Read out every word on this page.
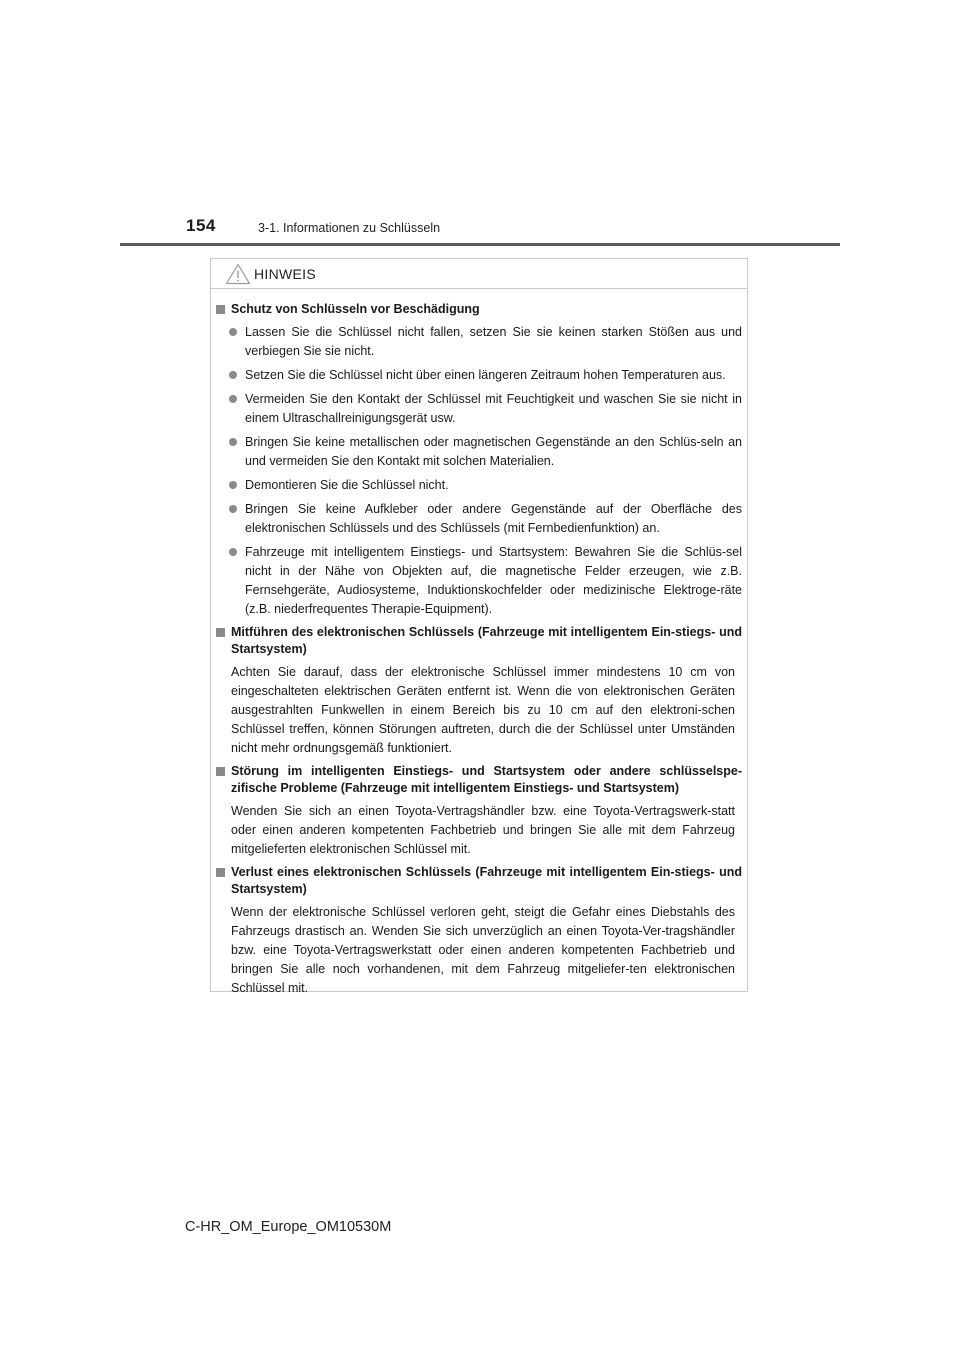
154	3-1. Informationen zu Schlüsseln
HINWEIS
Schutz von Schlüsseln vor Beschädigung
Lassen Sie die Schlüssel nicht fallen, setzen Sie sie keinen starken Stößen aus und verbiegen Sie sie nicht.
Setzen Sie die Schlüssel nicht über einen längeren Zeitraum hohen Temperaturen aus.
Vermeiden Sie den Kontakt der Schlüssel mit Feuchtigkeit und waschen Sie sie nicht in einem Ultraschallreinigungsgerät usw.
Bringen Sie keine metallischen oder magnetischen Gegenstände an den Schlüs-seln an und vermeiden Sie den Kontakt mit solchen Materialien.
Demontieren Sie die Schlüssel nicht.
Bringen Sie keine Aufkleber oder andere Gegenstände auf der Oberfläche des elektronischen Schlüssels und des Schlüssels (mit Fernbedienfunktion) an.
Fahrzeuge mit intelligentem Einstiegs- und Startsystem: Bewahren Sie die Schlüs-sel nicht in der Nähe von Objekten auf, die magnetische Felder erzeugen, wie z.B. Fernsehgeräte, Audiosysteme, Induktionskochfelder oder medizinische Elektroge-räte (z.B. niederfrequentes Therapie-Equipment).
Mitführen des elektronischen Schlüssels (Fahrzeuge mit intelligentem Ein-stiegs- und Startsystem)
Achten Sie darauf, dass der elektronische Schlüssel immer mindestens 10 cm von eingeschalteten elektrischen Geräten entfernt ist. Wenn die von elektronischen Geräten ausgestrahlten Funkwellen in einem Bereich bis zu 10 cm auf den elektroni-schen Schlüssel treffen, können Störungen auftreten, durch die der Schlüssel unter Umständen nicht mehr ordnungsgemäß funktioniert.
Störung im intelligenten Einstiegs- und Startsystem oder andere schlüsselspe-zifische Probleme (Fahrzeuge mit intelligentem Einstiegs- und Startsystem)
Wenden Sie sich an einen Toyota-Vertragshändler bzw. eine Toyota-Vertragswerk-statt oder einen anderen kompetenten Fachbetrieb und bringen Sie alle mit dem Fahrzeug mitgelieferten elektronischen Schlüssel mit.
Verlust eines elektronischen Schlüssels (Fahrzeuge mit intelligentem Ein-stiegs- und Startsystem)
Wenn der elektronische Schlüssel verloren geht, steigt die Gefahr eines Diebstahls des Fahrzeugs drastisch an. Wenden Sie sich unverzüglich an einen Toyota-Ver-tragshändler bzw. eine Toyota-Vertragswerkstatt oder einen anderen kompetenten Fachbetrieb und bringen Sie alle noch vorhandenen, mit dem Fahrzeug mitgeliefer-ten elektronischen Schlüssel mit.
C-HR_OM_Europe_OM10530M
